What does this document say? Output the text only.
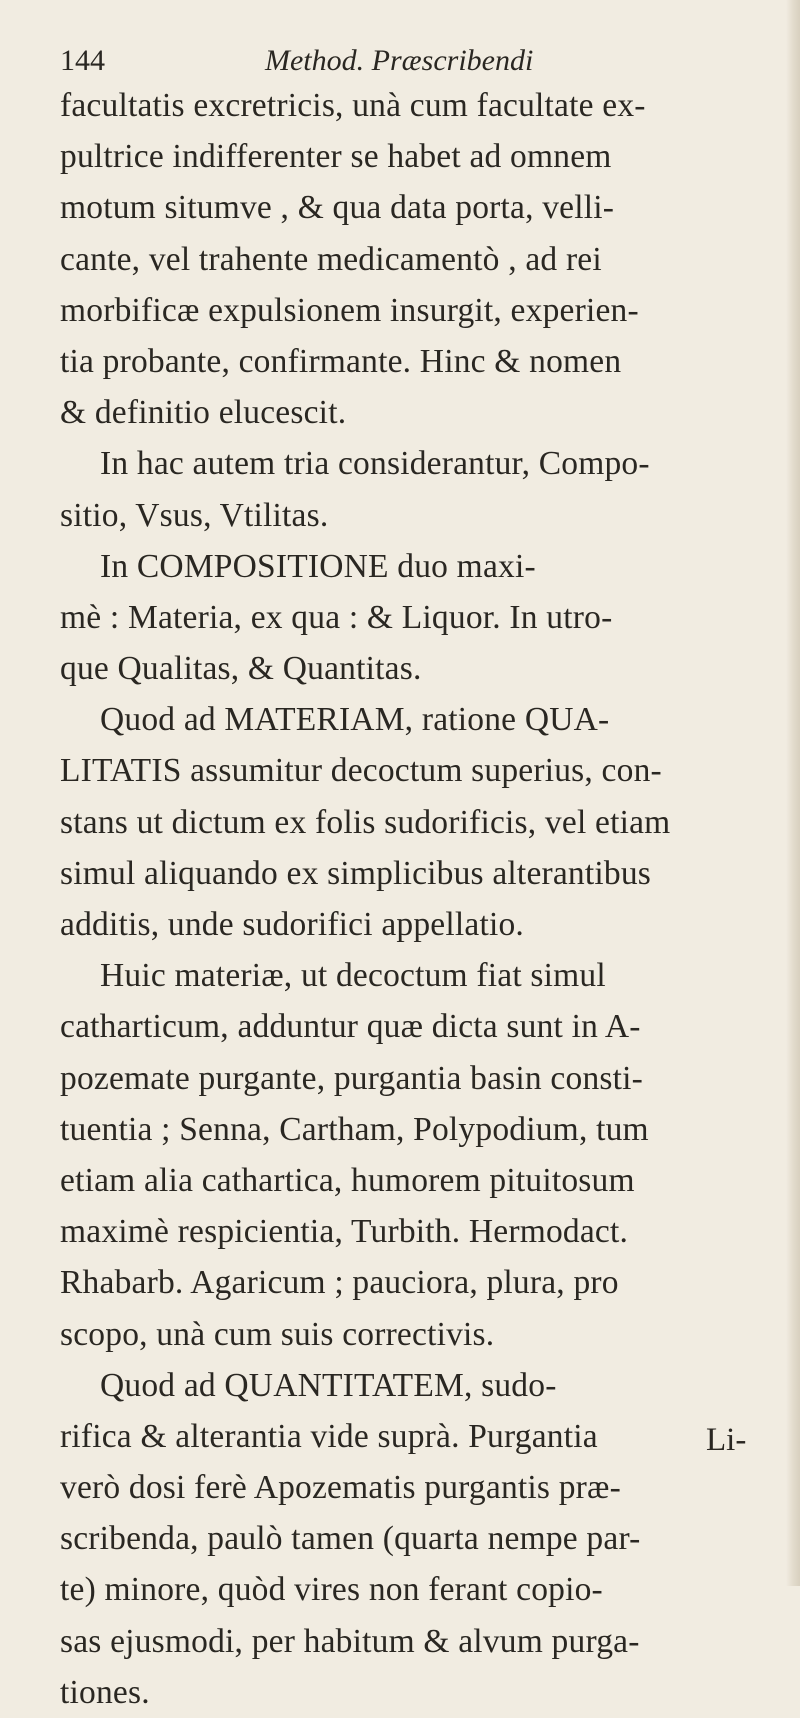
144	Method. Præscribendi
facultatis excretricis, unà cum facultate ex-
pultrice indifferenter se habet ad omnem
motum situmve , & qua data porta, velli-
cante, vel trahente medicamentò , ad rei
morbificæ expulsionem insurgit, experien-
tia probante, confirmante. Hinc & nomen
& definitio elucescit.
In hac autem tria considerantur, Compo-
sitio, Vsus, Vtilitas.
In COMPOSITIONE duo maxi-
mè : Materia, ex qua : & Liquor. In utro-
que Qualitas, & Quantitas.
Quod ad MATERIAM, ratione QUA-
LITATIS assumitur decoctum superius, con-
stans ut dictum ex folis sudorificis, vel etiam
simul aliquando ex simplicibus alterantibus
additis, unde sudorifici appellatio.
Huic materiæ, ut decoctum fiat simul
catharticum, adduntur quæ dicta sunt in A-
pozemate purgante, purgantia basin consti-
tuentia ; Senna, Cartham, Polypodium, tum
etiam alia cathartica, humorem pituitosum
maximè respicientia, Turbith. Hermodact.
Rhabarb. Agaricum ; pauciora, plura, pro
scopo, unà cum suis correctivis.
Quod ad QUANTITATEM, sudo-
rifica & alterantia vide suprà. Purgantia
verò dosi ferè Apozematis purgantis præ-
scribenda, paulò tamen (quarta nempe par-
te) minore, quòd vires non ferant copio-
sas ejusmodi, per habitum & alvum purga-
tiones.
Li-
